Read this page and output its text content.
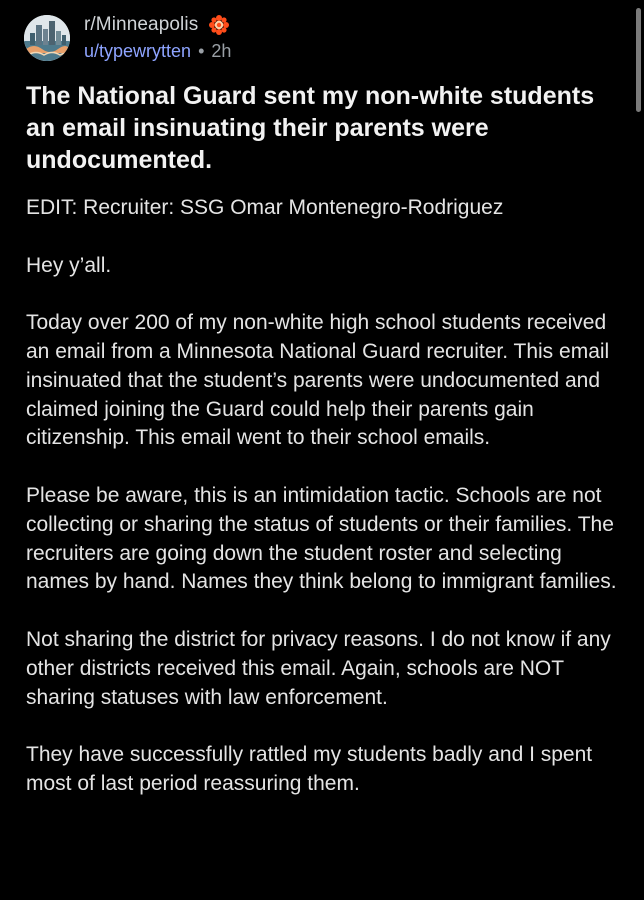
r/Minneapolis
u/typewrytten • 2h
The National Guard sent my non-white students an email insinuating their parents were undocumented.

EDIT: Recruiter: SSG Omar Montenegro-Rodriguez

Hey y’all.

Today over 200 of my non-white high school students received an email from a Minnesota National Guard recruiter. This email insinuated that the student’s parents were undocumented and claimed joining the Guard could help their parents gain citizenship. This email went to their school emails.

Please be aware, this is an intimidation tactic. Schools are not collecting or sharing the status of students or their families. The recruiters are going down the student roster and selecting names by hand. Names they think belong to immigrant families.

Not sharing the district for privacy reasons. I do not know if any other districts received this email. Again, schools are NOT sharing statuses with law enforcement.

They have successfully rattled my students badly and I spent most of last period reassuring them.
